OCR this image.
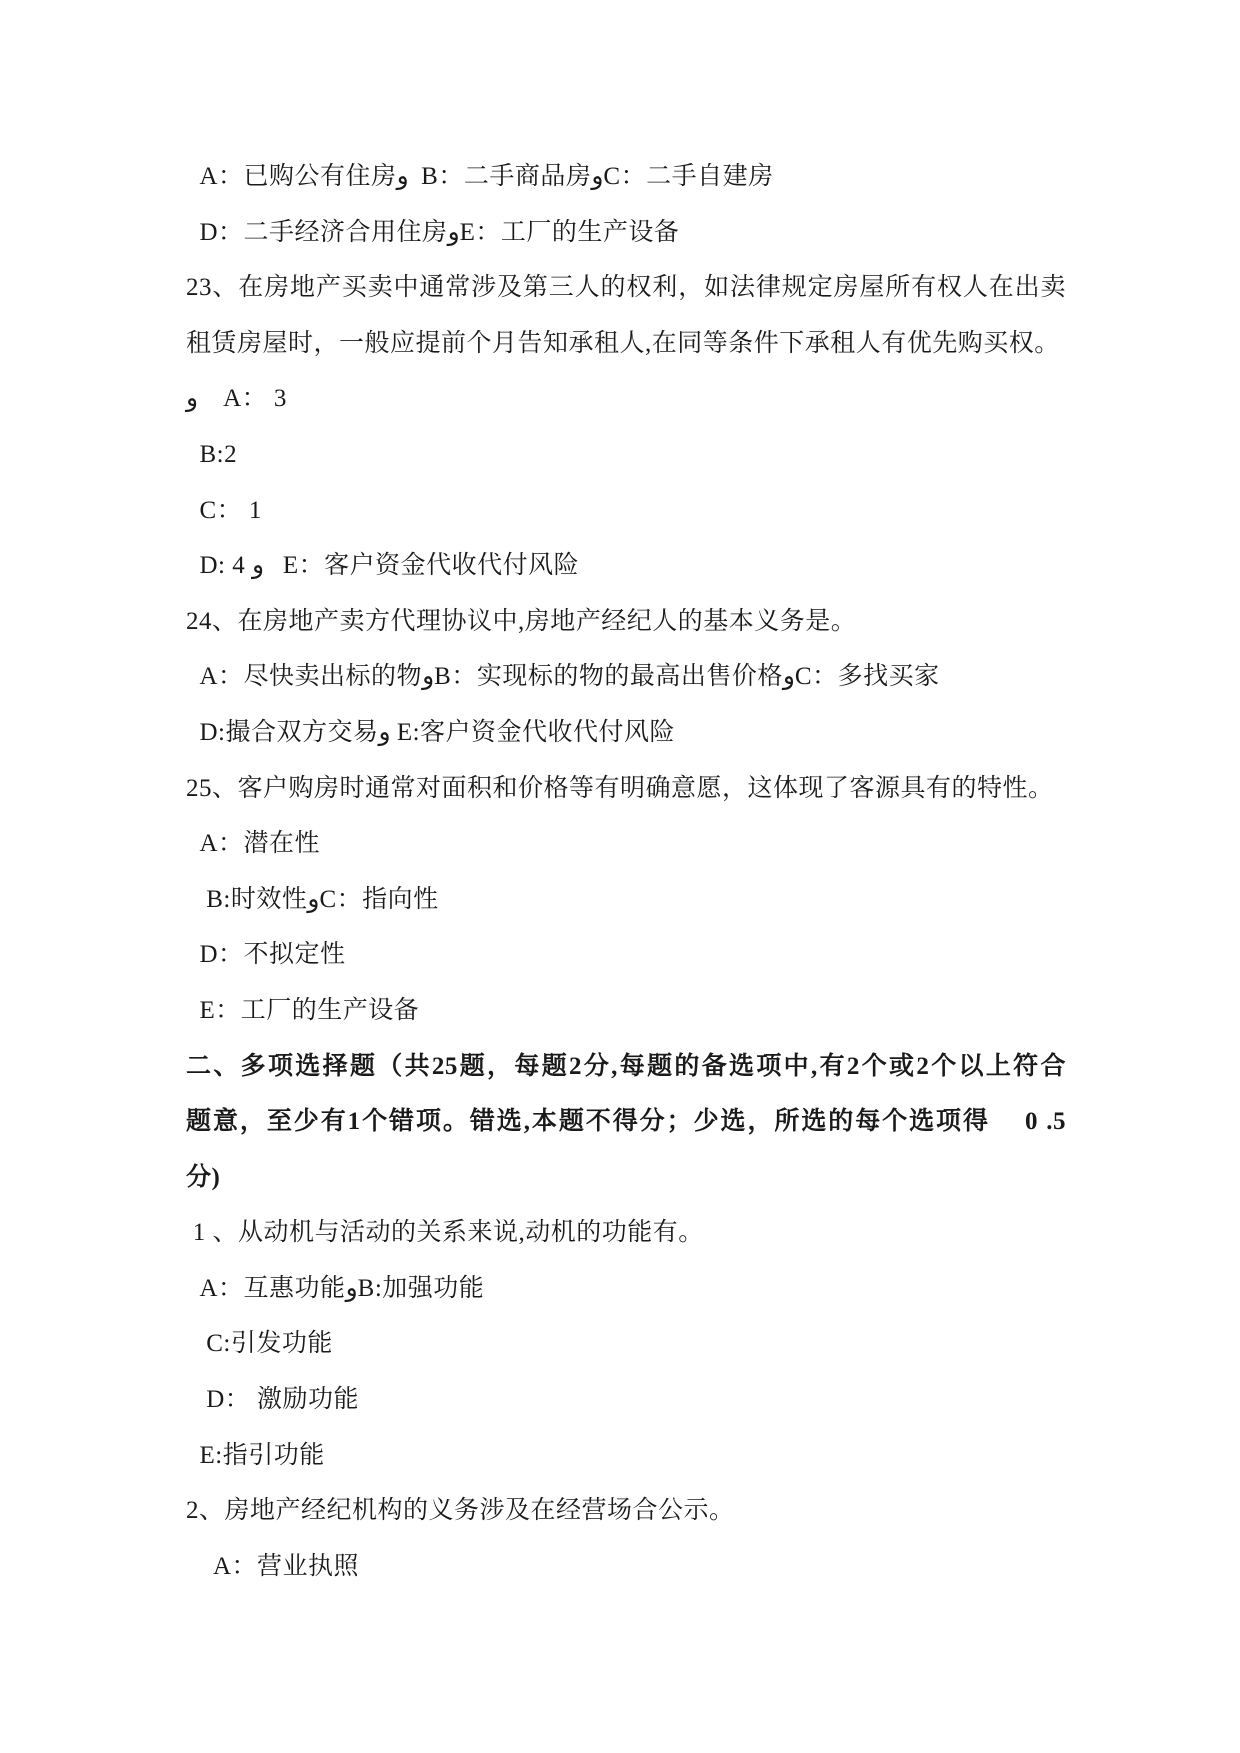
A：已购公有住房و  B：二手商品房وC：二手自建房

D：二手经济合用住房وE：工厂的生产设备

23、在房地产买卖中通常涉及第三人的权利，如法律规定房屋所有权人在出卖

租赁房屋时，一般应提前个月告知承租人,在同等条件下承租人有优先购买权。

و    A： 3

B:2

C： 1

D: 4 و   E：客户资金代收代付风险

24、在房地产卖方代理协议中,房地产经纪人的基本义务是。

A：尽快卖出标的物وB：实现标的物的最高出售价格وC：多找买家

D:撮合双方交易و E:客户资金代收代付风险

25、客户购房时通常对面积和价格等有明确意愿，这体现了客源具有的特性。

A：潜在性

B:时效性وC：指向性

D：不拟定性

E：工厂的生产设备

二、多项选择题（共25题，每题2分,每题的备选项中,有2个或2个以上符合

题意，至少有1个错项。错选,本题不得分；少选，所选的每个选项得　 0 .5

分)

1 、从动机与活动的关系来说,动机的功能有。

A：互惠功能وB:加强功能

C:引发功能

D： 激励功能

E:指引功能

2、房地产经纪机构的义务涉及在经营场合公示。

A：营业执照
